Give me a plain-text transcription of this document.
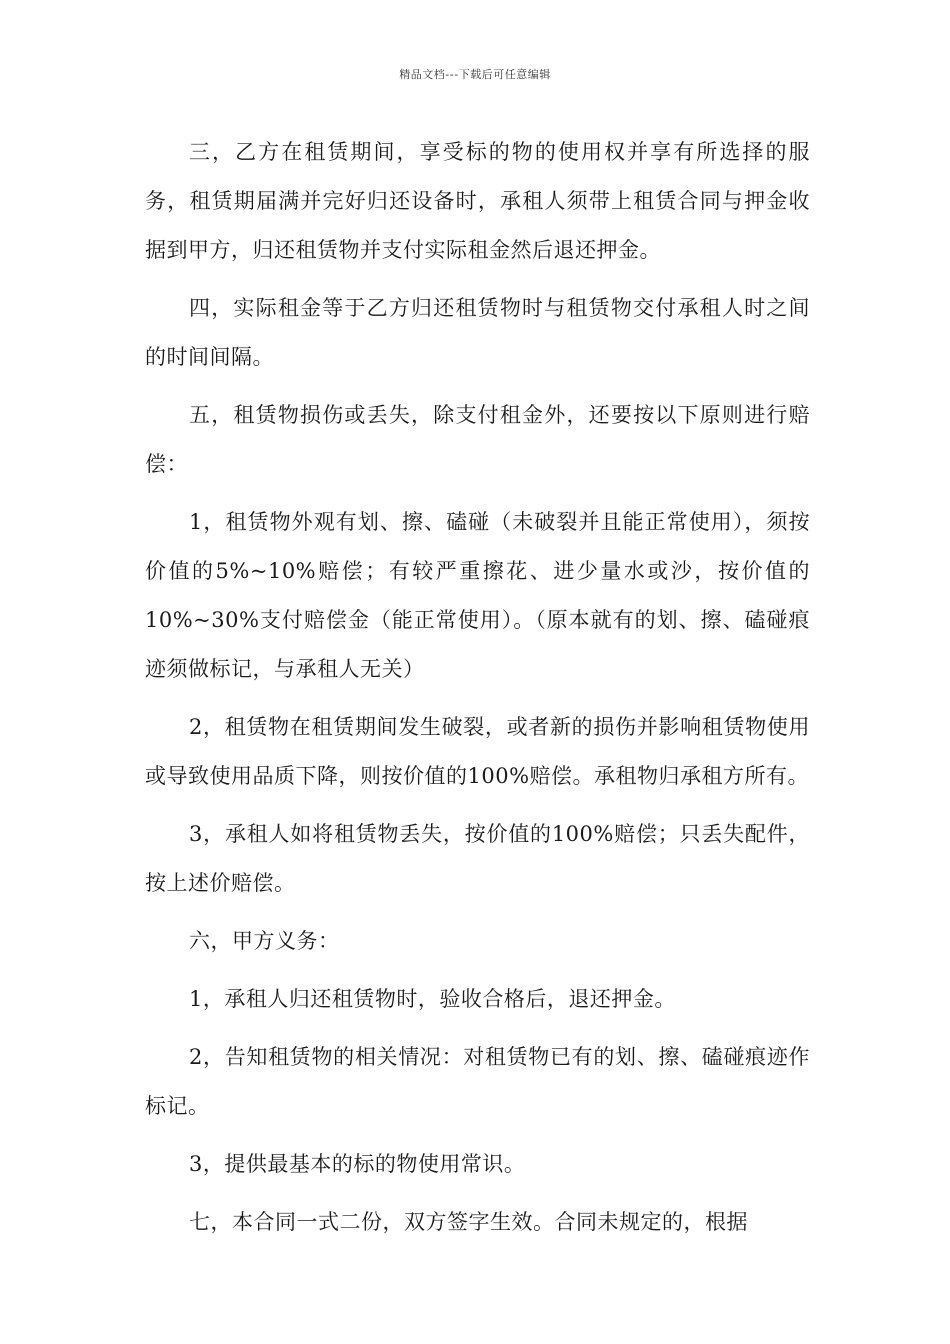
精品文档---下载后可任意编辑

三，乙方在租赁期间，享受标的物的使用权并享有所选择的服务，租赁期届满并完好归还设备时，承租人须带上租赁合同与押金收据到甲方，归还租赁物并支付实际租金然后退还押金。

四，实际租金等于乙方归还租赁物时与租赁物交付承租人时之间的时间间隔。

五，租赁物损伤或丢失，除支付租金外，还要按以下原则进行赔偿：

1，租赁物外观有划、擦、磕碰（未破裂并且能正常使用），须按价值的5%~10%赔偿；有较严重擦花、进少量水或沙，按价值的10%~30%支付赔偿金（能正常使用）。（原本就有的划、擦、磕碰痕迹须做标记，与承租人无关）

2，租赁物在租赁期间发生破裂，或者新的损伤并影响租赁物使用或导致使用品质下降，则按价值的100%赔偿。承租物归承租方所有。

3，承租人如将租赁物丢失，按价值的100%赔偿；只丢失配件，按上述价赔偿。

六，甲方义务：

1，承租人归还租赁物时，验收合格后，退还押金。

2，告知租赁物的相关情况：对租赁物已有的划、擦、磕碰痕迹作标记。

3，提供最基本的标的物使用常识。

七，本合同一式二份，双方签字生效。合同未规定的，根据
